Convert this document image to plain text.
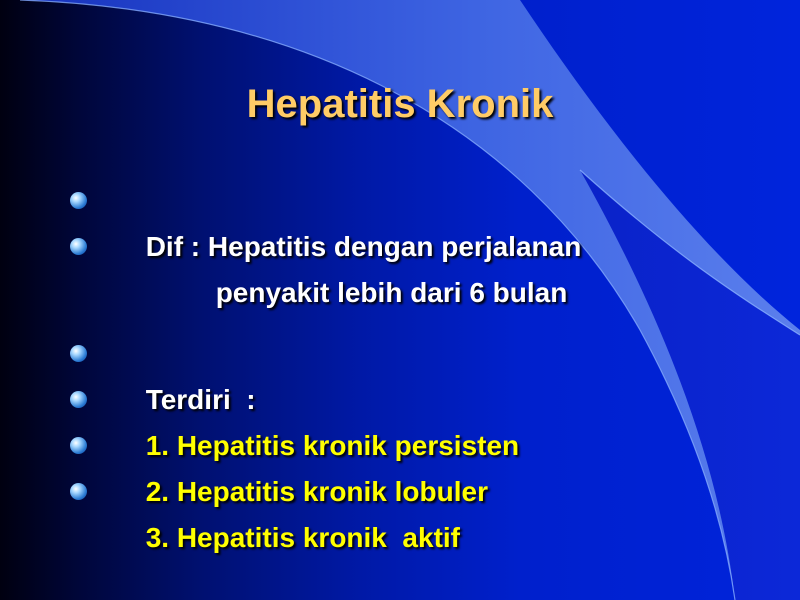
Hepatitis Kronik

Dif : Hepatitis dengan perjalanan

penyakit lebih dari 6 bulan

Terdiri  :

1. Hepatitis kronik persisten

2. Hepatitis kronik lobuler

3. Hepatitis kronik  aktif
